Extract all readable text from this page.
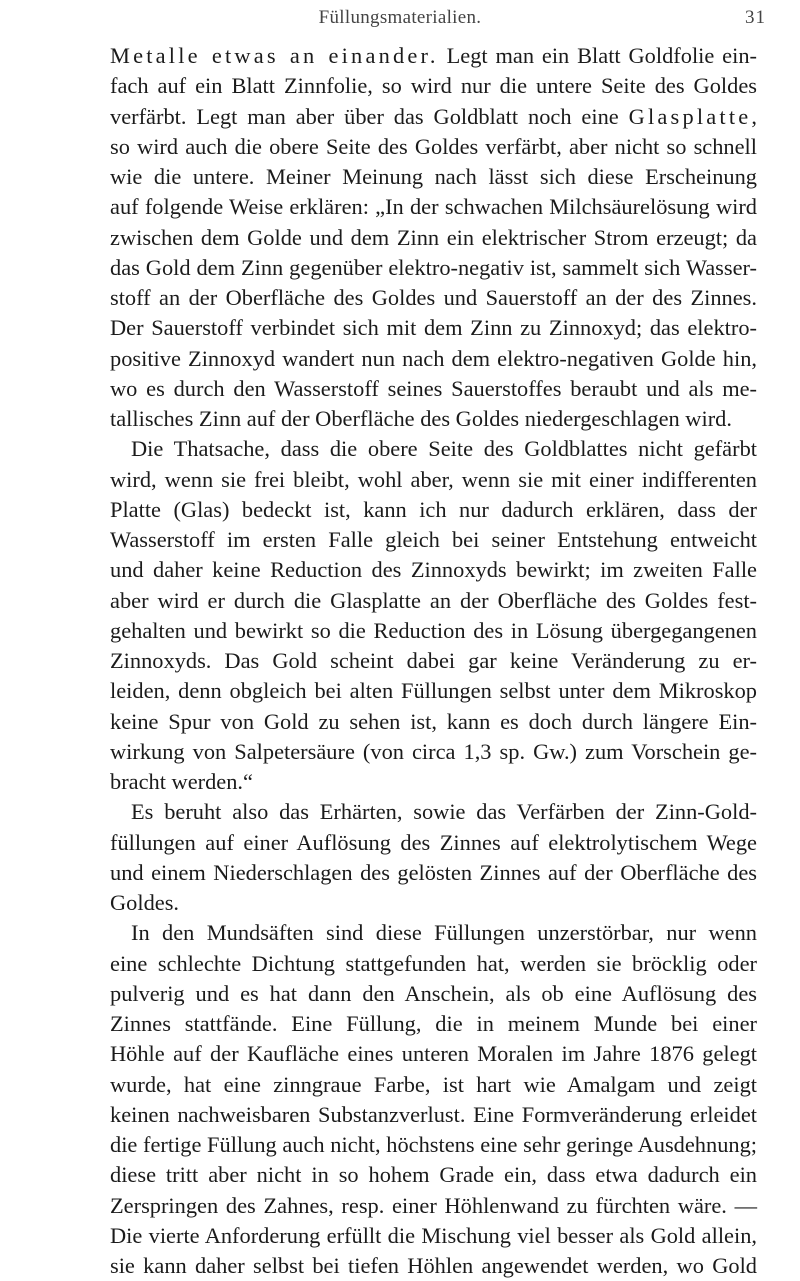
Füllungsmaterialien.	31
Metalle etwas an einander. Legt man ein Blatt Goldfolie ein-
fach auf ein Blatt Zinnfolie, so wird nur die untere Seite des Goldes
verfärbt. Legt man aber über das Goldblatt noch eine Glasplatte,
so wird auch die obere Seite des Goldes verfärbt, aber nicht so schnell
wie die untere. Meiner Meinung nach lässt sich diese Erscheinung
auf folgende Weise erklären: „In der schwachen Milchsäurelösung wird
zwischen dem Golde und dem Zinn ein elektrischer Strom erzeugt; da
das Gold dem Zinn gegenüber elektro-negativ ist, sammelt sich Wasser-
stoff an der Oberfläche des Goldes und Sauerstoff an der des Zinnes.
Der Sauerstoff verbindet sich mit dem Zinn zu Zinnoxyd; das elektro-
positive Zinnoxyd wandert nun nach dem elektro-negativen Golde hin,
wo es durch den Wasserstoff seines Sauerstoffes beraubt und als me-
tallisches Zinn auf der Oberfläche des Goldes niedergeschlagen wird.
Die Thatsache, dass die obere Seite des Goldblattes nicht gefärbt
wird, wenn sie frei bleibt, wohl aber, wenn sie mit einer indifferenten
Platte (Glas) bedeckt ist, kann ich nur dadurch erklären, dass der
Wasserstoff im ersten Falle gleich bei seiner Entstehung entweicht
und daher keine Reduction des Zinnoxyds bewirkt; im zweiten Falle
aber wird er durch die Glasplatte an der Oberfläche des Goldes fest-
gehalten und bewirkt so die Reduction des in Lösung übergegangenen
Zinnoxyds. Das Gold scheint dabei gar keine Veränderung zu er-
leiden, denn obgleich bei alten Füllungen selbst unter dem Mikroskop
keine Spur von Gold zu sehen ist, kann es doch durch längere Ein-
wirkung von Salpetersäure (von circa 1,3 sp. Gw.) zum Vorschein ge-
bracht werden.“
Es beruht also das Erhärten, sowie das Verfärben der Zinn-Gold-
füllungen auf einer Auflösung des Zinnes auf elektrolytischem Wege
und einem Niederschlagen des gelösten Zinnes auf der Oberfläche des
Goldes.
In den Mundsäften sind diese Füllungen unzerstörbar, nur wenn
eine schlechte Dichtung stattgefunden hat, werden sie bröcklig oder
pulverig und es hat dann den Anschein, als ob eine Auflösung des
Zinnes stattfände. Eine Füllung, die in meinem Munde bei einer
Höhle auf der Kaufläche eines unteren Moralen im Jahre 1876 gelegt
wurde, hat eine zinngraue Farbe, ist hart wie Amalgam und zeigt
keinen nachweisbaren Substanzverlust. Eine Formveränderung erleidet
die fertige Füllung auch nicht, höchstens eine sehr geringe Ausdehnung;
diese tritt aber nicht in so hohem Grade ein, dass etwa dadurch ein
Zerspringen des Zahnes, resp. einer Höhlenwand zu fürchten wäre. —
Die vierte Anforderung erfüllt die Mischung viel besser als Gold allein,
sie kann daher selbst bei tiefen Höhlen angewendet werden, wo Gold
